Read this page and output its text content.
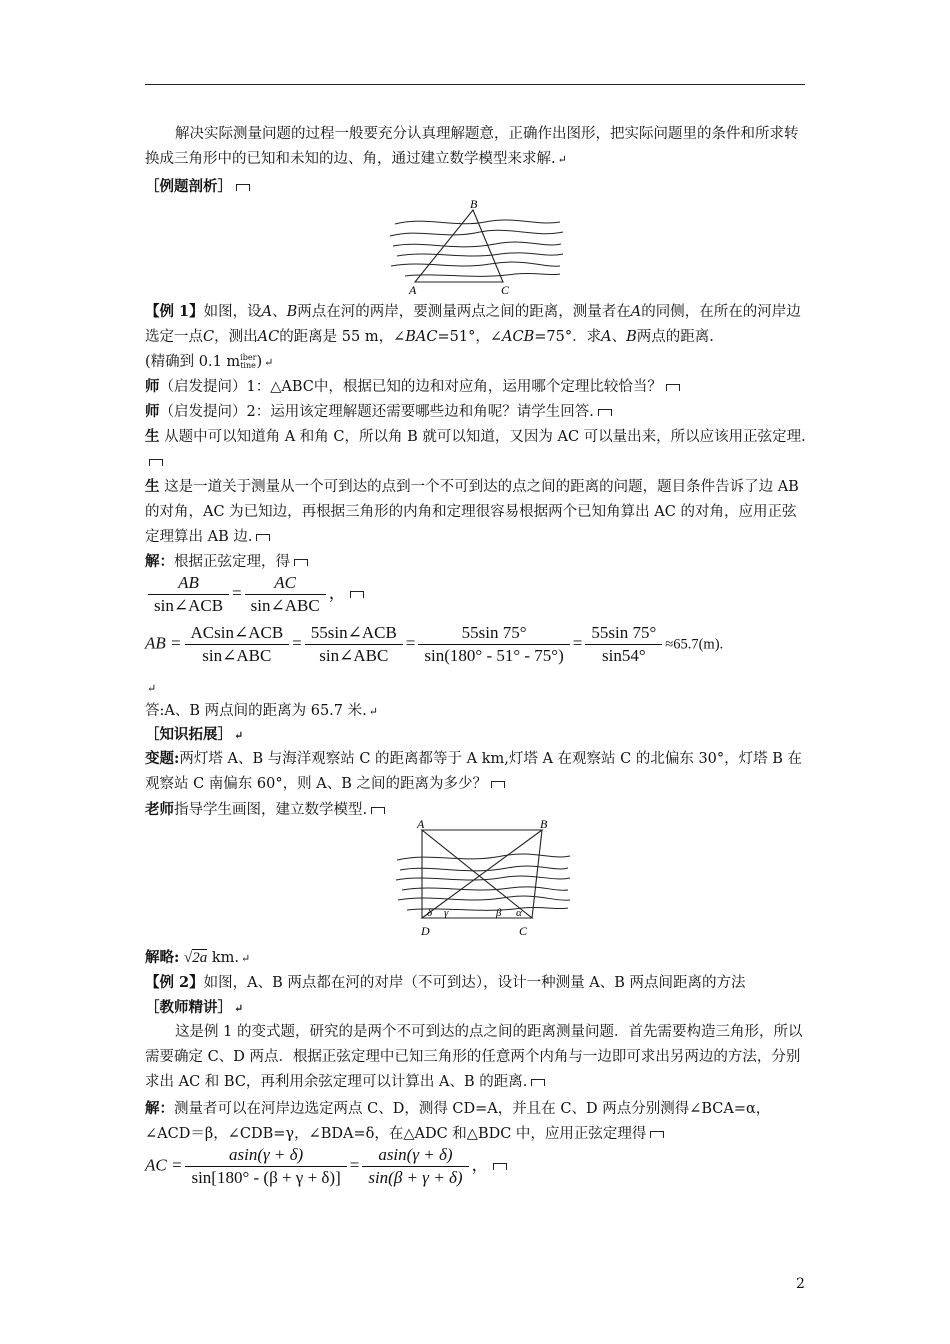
解决实际测量问题的过程一般要充分认真理解题意，正确作出图形，把实际问题里的条件和所求转换成三角形中的已知和未知的边、角，通过建立数学模型来求解. ↵
［例题剖析］
B
A	C
【例 1】如图，设A、B两点在河的两岸，要测量两点之间的距离，测量者在A的同侧，在所在的河岸边选定一点C，测出AC的距离是 55 m，∠BAC=51°，∠ACB=75°．求A、B两点的距离.
(精确到 0.1 miber
tine) ↵
师（启发提问）1：△ABC中，根据已知的边和对应角，运用哪个定理比较恰当？
师（启发提问）2：运用该定理解题还需要哪些边和角呢？请学生回答.
生 从题中可以知道角 A 和角 C，所以角 B 就可以知道，又因为 AC 可以量出来，所以应该用正弦定理.
生 这是一道关于测量从一个可到达的点到一个不可到达的点之间的距离的问题，题目条件告诉了边 AB 的对角，AC 为已知边，再根据三角形的内角和定理很容易根据两个已知角算出 AC 的对角，应用正弦定理算出 AB 边.
解：根据正弦定理，得
AB
sin∠ACB
=
AC
sin∠ABC
，
AB =
ACsin∠ACB
sin∠ABC
=
55sin∠ACB
sin∠ABC
= $\frac{55\sin 75^\circ}{\sin(180^\circ - 51^\circ - 75^\circ)} = \frac{55\sin 75^\circ}{\sin 54^\circ} \approx 65.7(m)$.
↵
答:A、B 两点间的距离为 65.7 米. ↵
［知识拓展］ ↵
变题:两灯塔 A、B 与海洋观察站 C 的距离都等于 A km,灯塔 A 在观察站 C 的北偏东 30°，灯塔 B 在观察站 C 南偏东 60°，则 A、B 之间的距离为多少？
老师指导学生画图，建立数学模型.
A	B
D	C
δ γ	β α
解略: √2a km. ↵
【例 2】如图，A、B 两点都在河的对岸（不可到达），设计一种测量 A、B 两点间距离的方法
［教师精讲］ ↵
这是例 1 的变式题，研究的是两个不可到达的点之间的距离测量问题．首先需要构造三角形，所以需要确定 C、D 两点．根据正弦定理中已知三角形的任意两个内角与一边即可求出另两边的方法，分别求出 AC 和 BC，再利用余弦定理可以计算出 A、B 的距离.
解：测量者可以在河岸边选定两点 C、D，测得 CD=A，并且在 C、D 两点分别测得∠BCA=α，∠ACD＝β，∠CDB=γ，∠BDA=δ，在△ADC 和△BDC 中，应用正弦定理得
AC = $\frac{asin(\gamma + \delta)}{\sin[180^\circ - (\beta + \gamma + \delta)]} = \frac{asin(\gamma + \delta)}{\sin(\beta + \gamma + \delta)}$ ，
2
